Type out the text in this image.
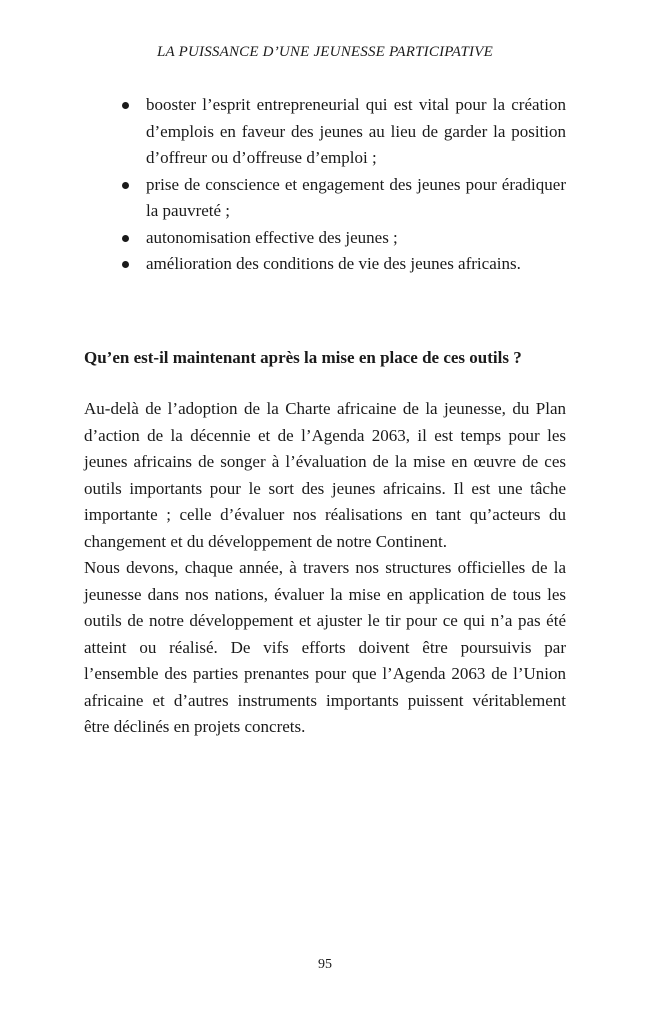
LA PUISSANCE D’UNE JEUNESSE PARTICIPATIVE
booster l’esprit entrepreneurial qui est vital pour la création d’emplois en faveur des jeunes au lieu de garder la position d’offreur ou d’offreuse d’emploi ;
prise de conscience et engagement des jeunes pour éradiquer la pauvreté ;
autonomisation effective des jeunes ;
amélioration des conditions de vie des jeunes africains.
Qu’en est-il maintenant après la mise en place de ces outils ?

Au-delà de l’adoption de la Charte africaine de la jeunesse, du Plan d’action de la décennie et de l’Agenda 2063, il est temps pour les jeunes africains de songer à l’évaluation de la mise en œuvre de ces outils importants pour le sort des jeunes africains. Il est une tâche importante ; celle d’évaluer nos réalisations en tant qu’acteurs du changement et du développement de notre Continent.

Nous devons, chaque année, à travers nos structures officielles de la jeunesse dans nos nations, évaluer la mise en application de tous les outils de notre développement et ajuster le tir pour ce qui n’a pas été atteint ou réalisé. De vifs efforts doivent être poursuivis par l’ensemble des parties prenantes pour que l’Agenda 2063 de l’Union africaine et d’autres instruments importants puissent véritablement être déclinés en projets concrets.

95
